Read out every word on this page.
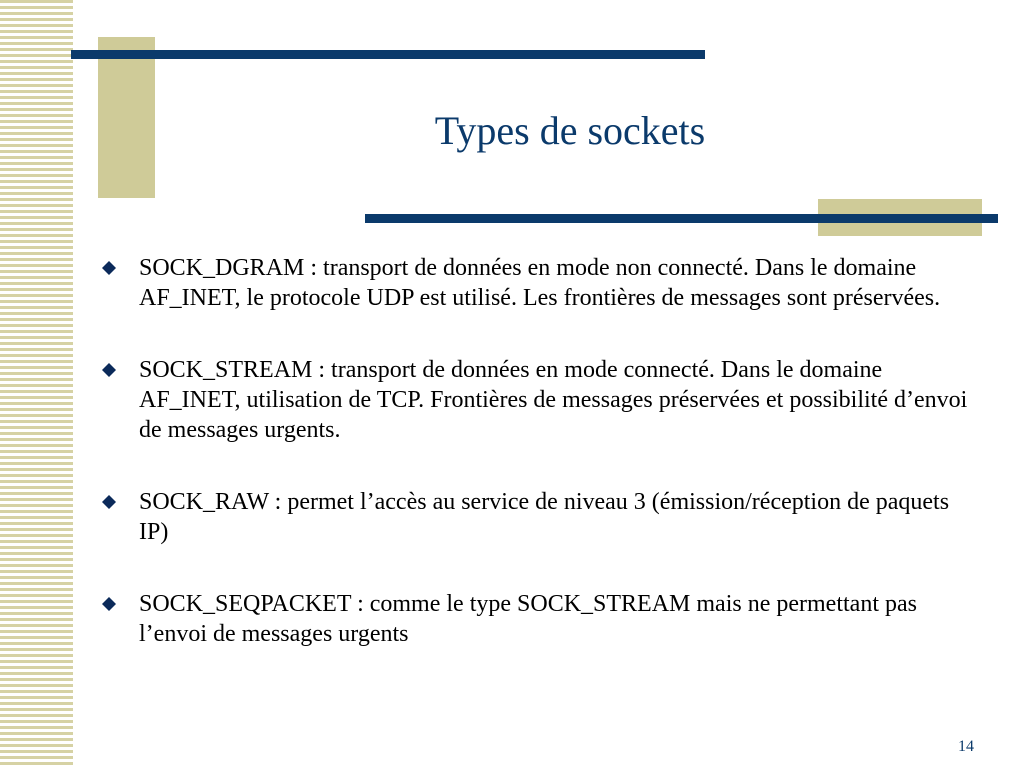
Types de sockets
SOCK_DGRAM : transport de données en mode non connecté. Dans le domaine AF_INET, le protocole UDP est utilisé. Les frontières de messages sont préservées.
SOCK_STREAM : transport de données en mode connecté. Dans le domaine AF_INET, utilisation de TCP. Frontières de messages préservées et possibilité d’envoi de messages urgents.
SOCK_RAW : permet l’accès au service de niveau 3 (émission/réception de paquets IP)
SOCK_SEQPACKET : comme le type SOCK_STREAM mais ne permettant pas l’envoi de messages urgents
14
